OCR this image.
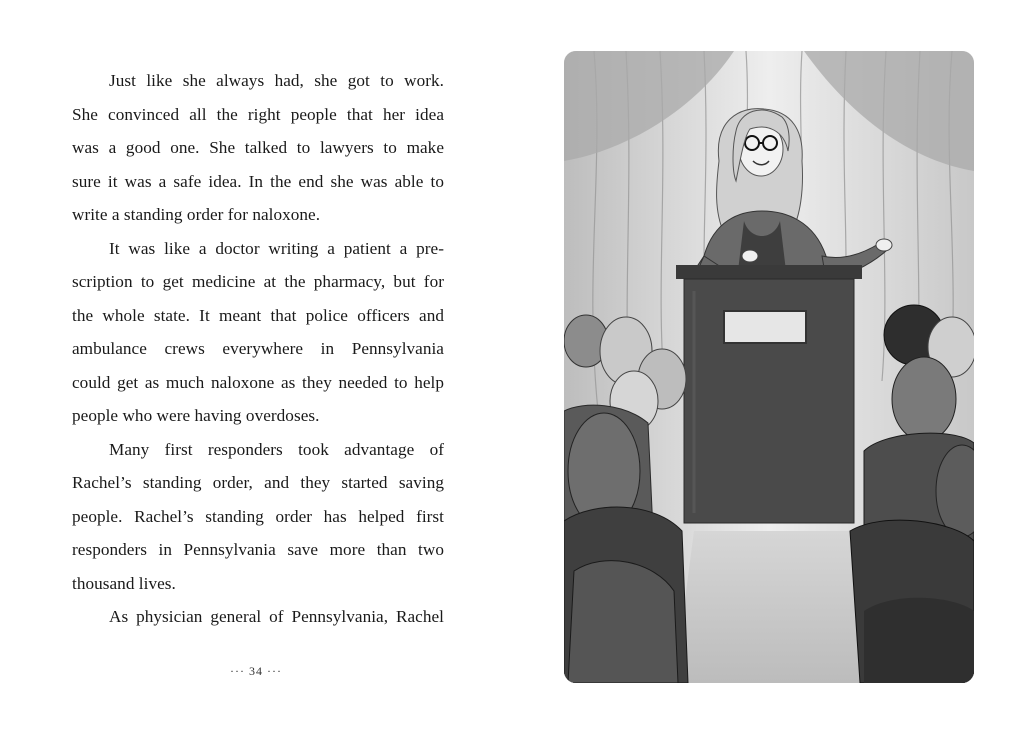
Just like she always had, she got to work.
She convinced all the right people that her idea
was a good one. She talked to lawyers to make
sure it was a safe idea. In the end she was able to
write a standing order for naloxone.

It was like a doctor writing a patient a pre-
scription to get medicine at the pharmacy, but for
the whole state. It meant that police officers and
ambulance crews everywhere in Pennsylvania
could get as much naloxone as they needed to help
people who were having overdoses.

Many first responders took advantage of
Rachel’s standing order, and they started saving
people. Rachel’s standing order has helped first
responders in Pennsylvania save more than two
thousand lives.

As physician general of Pennsylvania, Rachel

··· 34 ···
